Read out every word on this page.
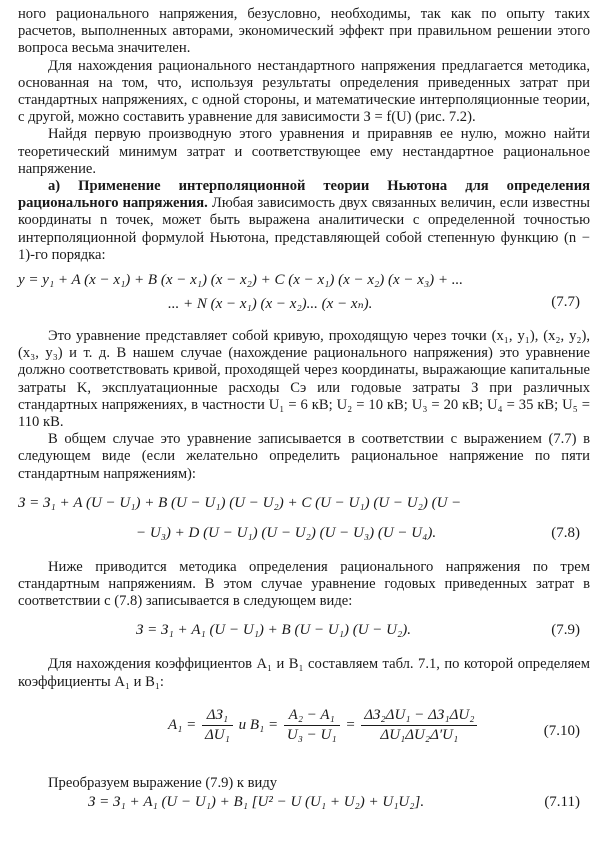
ного рационального напряжения, безусловно, необходимы, так как по опыту таких расчетов, выполненных авторами, экономический эффект при правильном решении этого вопроса весьма значителен.

Для нахождения рационального нестандартного напряжения предлагается методика, основанная на том, что, используя результаты определения приведенных затрат при стандартных напряжениях, с одной стороны, и математические интерполяционные теории, с другой, можно составить уравнение для зависимости З = f(U) (рис. 7.2).

Найдя первую производную этого уравнения и приравняв ее нулю, можно найти теоретический минимум затрат и соответствующее ему нестандартное рациональное напряжение.

а) Применение интерполяционной теории Ньютона для определения рационального напряжения. Любая зависимость двух связанных величин, если известны координаты n точек, может быть выражена аналитически с определенной точностью интерполяционной формулой Ньютона, представляющей собой степенную функцию (n − 1)-го порядка:

y = y₁ + A (x − x₁) + B (x − x₁) (x − x₂) + C (x − x₁) (x − x₂) (x − x₃) + ...
... + N (x − x₁) (x − x₂)... (x − xₙ).	(7.7)

Это уравнение представляет собой кривую, проходящую через точки (x₁, y₁), (x₂, y₂), (x₃, y₃) и т. д. В нашем случае (нахождение рационального напряжения) это уравнение должно соответствовать кривой, проходящей через координаты, выражающие капитальные затраты K, эксплуатационные расходы Cэ или годовые затраты З при различных стандартных напряжениях, в частности U₁ = 6 кВ; U₂ = 10 кВ; U₃ = 20 кВ; U₄ = 35 кВ; U₅ = 110 кВ.

В общем случае это уравнение записывается в соответствии с выражением (7.7) в следующем виде (если желательно определить рациональное напряжение по пяти стандартным напряжениям):

З = З₁ + A (U − U₁) + B (U − U₁) (U − U₂) + C (U − U₁) (U − U₂) (U −
− U₃) + D (U − U₁) (U − U₂) (U − U₃) (U − U₄).	(7.8)

Ниже приводится методика определения рационального напряжения по трем стандартным напряжениям. В этом случае уравнение годовых приведенных затрат в соответствии с (7.8) записывается в следующем виде:

З = З₁ + A₁ (U − U₁) + B (U − U₁) (U − U₂).	(7.9)

Для нахождения коэффициентов A₁ и B₁ составляем табл. 7.1, по которой определяем коэффициенты A₁ и B₁:

$A_1 = \frac{\text{ΔЗ₁}}{\text{ΔU₁}}$ и $B_1 = \frac{\text{A₂ − A₁}}{\text{U₃ − U₁}} = \frac{\text{ΔЗ₂ΔU₁ − ΔЗ₁ΔU₂}}{\text{ΔU₁ΔU₂Δ′U₁}}$	(7.10)

Преобразуем выражение (7.9) к виду

З = З₁ + A₁ (U − U₁) + B₁ [U² − U (U₁ + U₂) + U₁U₂].	(7.11)
